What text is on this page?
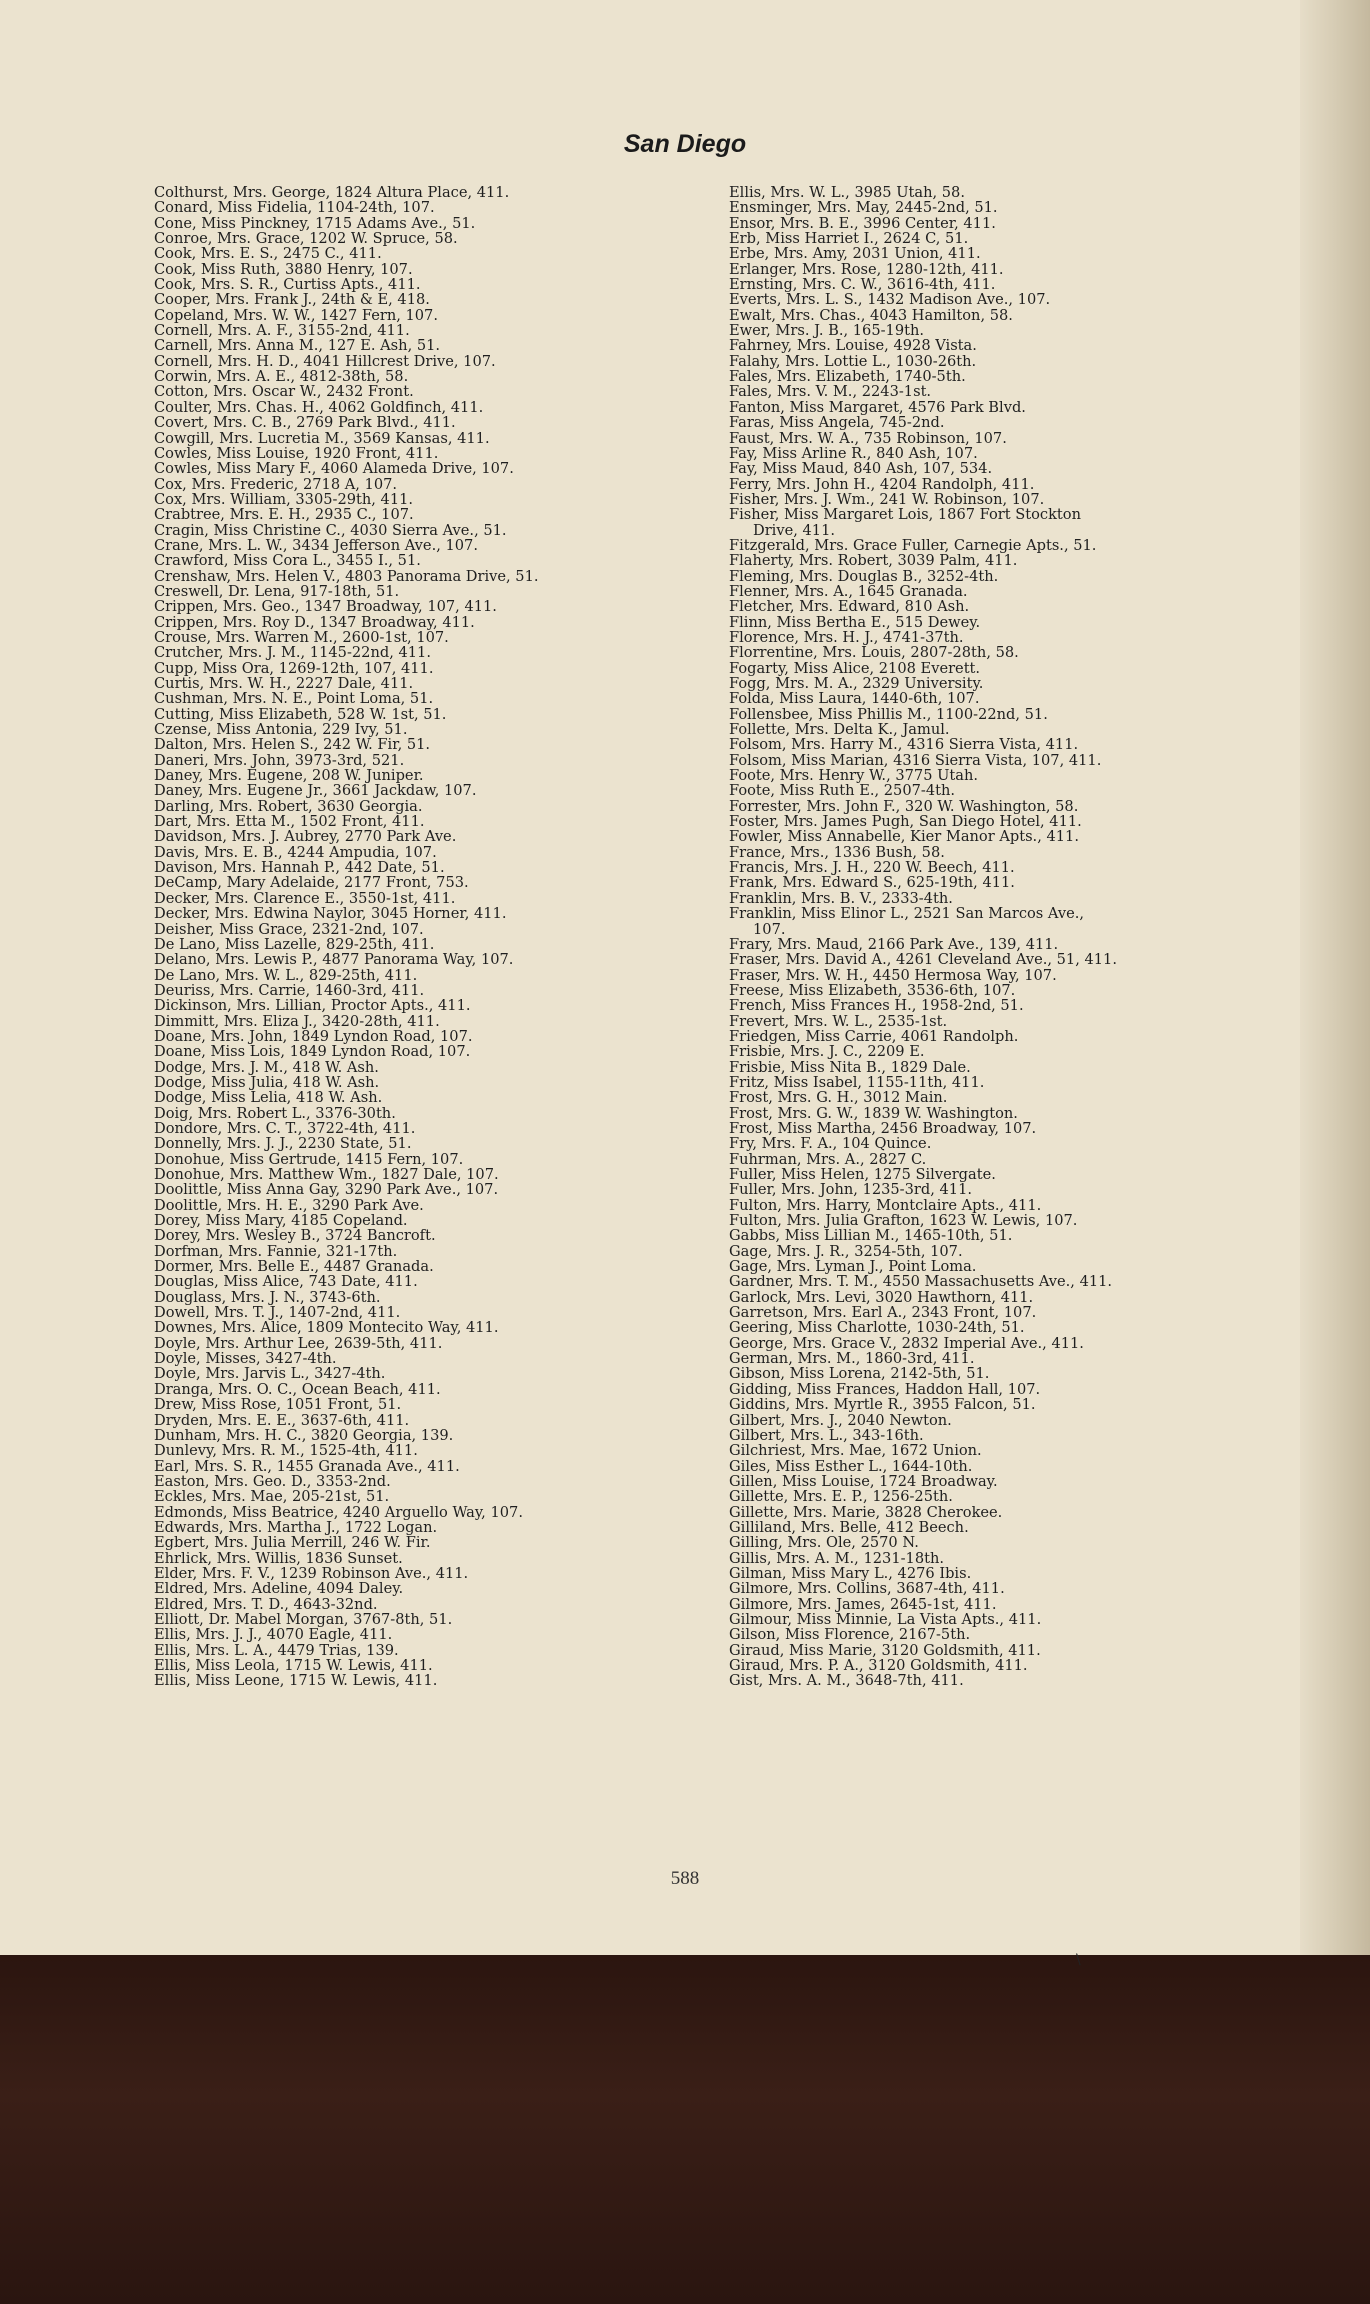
San Diego
Colthurst, Mrs. George, 1824 Altura Place, 411.
Conard, Miss Fidelia, 1104-24th, 107.
Cone, Miss Pinckney, 1715 Adams Ave., 51.
Conroe, Mrs. Grace, 1202 W. Spruce, 58.
Cook, Mrs. E. S., 2475 C., 411.
Cook, Miss Ruth, 3880 Henry, 107.
Cook, Mrs. S. R., Curtiss Apts., 411.
Cooper, Mrs. Frank J., 24th & E, 418.
Copeland, Mrs. W. W., 1427 Fern, 107.
Cornell, Mrs. A. F., 3155-2nd, 411.
Carnell, Mrs. Anna M., 127 E. Ash, 51.
Cornell, Mrs. H. D., 4041 Hillcrest Drive, 107.
Corwin, Mrs. A. E., 4812-38th, 58.
Cotton, Mrs. Oscar W., 2432 Front.
Coulter, Mrs. Chas. H., 4062 Goldfinch, 411.
Covert, Mrs. C. B., 2769 Park Blvd., 411.
Cowgill, Mrs. Lucretia M., 3569 Kansas, 411.
Cowles, Miss Louise, 1920 Front, 411.
Cowles, Miss Mary F., 4060 Alameda Drive, 107.
Cox, Mrs. Frederic, 2718 A, 107.
Cox, Mrs. William, 3305-29th, 411.
Crabtree, Mrs. E. H., 2935 C., 107.
Cragin, Miss Christine C., 4030 Sierra Ave., 51.
Crane, Mrs. L. W., 3434 Jefferson Ave., 107.
Crawford, Miss Cora L., 3455 I., 51.
Crenshaw, Mrs. Helen V., 4803 Panorama Drive, 51.
Creswell, Dr. Lena, 917-18th, 51.
Crippen, Mrs. Geo., 1347 Broadway, 107, 411.
Crippen, Mrs. Roy D., 1347 Broadway, 411.
Crouse, Mrs. Warren M., 2600-1st, 107.
Crutcher, Mrs. J. M., 1145-22nd, 411.
Cupp, Miss Ora, 1269-12th, 107, 411.
Curtis, Mrs. W. H., 2227 Dale, 411.
Cushman, Mrs. N. E., Point Loma, 51.
Cutting, Miss Elizabeth, 528 W. 1st, 51.
Czense, Miss Antonia, 229 Ivy, 51.
Dalton, Mrs. Helen S., 242 W. Fir, 51.
Daneri, Mrs. John, 3973-3rd, 521.
Daney, Mrs. Eugene, 208 W. Juniper.
Daney, Mrs. Eugene Jr., 3661 Jackdaw, 107.
Darling, Mrs. Robert, 3630 Georgia.
Dart, Mrs. Etta M., 1502 Front, 411.
Davidson, Mrs. J. Aubrey, 2770 Park Ave.
Davis, Mrs. E. B., 4244 Ampudia, 107.
Davison, Mrs. Hannah P., 442 Date, 51.
DeCamp, Mary Adelaide, 2177 Front, 753.
Decker, Mrs. Clarence E., 3550-1st, 411.
Decker, Mrs. Edwina Naylor, 3045 Horner, 411.
Deisher, Miss Grace, 2321-2nd, 107.
De Lano, Miss Lazelle, 829-25th, 411.
Delano, Mrs. Lewis P., 4877 Panorama Way, 107.
De Lano, Mrs. W. L., 829-25th, 411.
Deuriss, Mrs. Carrie, 1460-3rd, 411.
Dickinson, Mrs. Lillian, Proctor Apts., 411.
Dimmitt, Mrs. Eliza J., 3420-28th, 411.
Doane, Mrs. John, 1849 Lyndon Road, 107.
Doane, Miss Lois, 1849 Lyndon Road, 107.
Dodge, Mrs. J. M., 418 W. Ash.
Dodge, Miss Julia, 418 W. Ash.
Dodge, Miss Lelia, 418 W. Ash.
Doig, Mrs. Robert L., 3376-30th.
Dondore, Mrs. C. T., 3722-4th, 411.
Donnelly, Mrs. J. J., 2230 State, 51.
Donohue, Miss Gertrude, 1415 Fern, 107.
Donohue, Mrs. Matthew Wm., 1827 Dale, 107.
Doolittle, Miss Anna Gay, 3290 Park Ave., 107.
Doolittle, Mrs. H. E., 3290 Park Ave.
Dorey, Miss Mary, 4185 Copeland.
Dorey, Mrs. Wesley B., 3724 Bancroft.
Dorfman, Mrs. Fannie, 321-17th.
Dormer, Mrs. Belle E., 4487 Granada.
Douglas, Miss Alice, 743 Date, 411.
Douglass, Mrs. J. N., 3743-6th.
Dowell, Mrs. T. J., 1407-2nd, 411.
Downes, Mrs. Alice, 1809 Montecito Way, 411.
Doyle, Mrs. Arthur Lee, 2639-5th, 411.
Doyle, Misses, 3427-4th.
Doyle, Mrs. Jarvis L., 3427-4th.
Dranga, Mrs. O. C., Ocean Beach, 411.
Drew, Miss Rose, 1051 Front, 51.
Dryden, Mrs. E. E., 3637-6th, 411.
Dunham, Mrs. H. C., 3820 Georgia, 139.
Dunlevy, Mrs. R. M., 1525-4th, 411.
Earl, Mrs. S. R., 1455 Granada Ave., 411.
Easton, Mrs. Geo. D., 3353-2nd.
Eckles, Mrs. Mae, 205-21st, 51.
Edmonds, Miss Beatrice, 4240 Arguello Way, 107.
Edwards, Mrs. Martha J., 1722 Logan.
Egbert, Mrs. Julia Merrill, 246 W. Fir.
Ehrlick, Mrs. Willis, 1836 Sunset.
Elder, Mrs. F. V., 1239 Robinson Ave., 411.
Eldred, Mrs. Adeline, 4094 Daley.
Eldred, Mrs. T. D., 4643-32nd.
Elliott, Dr. Mabel Morgan, 3767-8th, 51.
Ellis, Mrs. J. J., 4070 Eagle, 411.
Ellis, Mrs. L. A., 4479 Trias, 139.
Ellis, Miss Leola, 1715 W. Lewis, 411.
Ellis, Miss Leone, 1715 W. Lewis, 411.
Ellis, Mrs. W. L., 3985 Utah, 58.
Ensminger, Mrs. May, 2445-2nd, 51.
Ensor, Mrs. B. E., 3996 Center, 411.
Erb, Miss Harriet I., 2624 C, 51.
Erbe, Mrs. Amy, 2031 Union, 411.
Erlanger, Mrs. Rose, 1280-12th, 411.
Ernsting, Mrs. C. W., 3616-4th, 411.
Everts, Mrs. L. S., 1432 Madison Ave., 107.
Ewalt, Mrs. Chas., 4043 Hamilton, 58.
Ewer, Mrs. J. B., 165-19th.
Fahrney, Mrs. Louise, 4928 Vista.
Falahy, Mrs. Lottie L., 1030-26th.
Fales, Mrs. Elizabeth, 1740-5th.
Fales, Mrs. V. M., 2243-1st.
Fanton, Miss Margaret, 4576 Park Blvd.
Faras, Miss Angela, 745-2nd.
Faust, Mrs. W. A., 735 Robinson, 107.
Fay, Miss Arline R., 840 Ash, 107.
Fay, Miss Maud, 840 Ash, 107, 534.
Ferry, Mrs. John H., 4204 Randolph, 411.
Fisher, Mrs. J. Wm., 241 W. Robinson, 107.
Fisher, Miss Margaret Lois, 1867 Fort Stockton
Drive, 411.
Fitzgerald, Mrs. Grace Fuller, Carnegie Apts., 51.
Flaherty, Mrs. Robert, 3039 Palm, 411.
Fleming, Mrs. Douglas B., 3252-4th.
Flenner, Mrs. A., 1645 Granada.
Fletcher, Mrs. Edward, 810 Ash.
Flinn, Miss Bertha E., 515 Dewey.
Florence, Mrs. H. J., 4741-37th.
Florrentine, Mrs. Louis, 2807-28th, 58.
Fogarty, Miss Alice, 2108 Everett.
Fogg, Mrs. M. A., 2329 University.
Folda, Miss Laura, 1440-6th, 107.
Follensbee, Miss Phillis M., 1100-22nd, 51.
Follette, Mrs. Delta K., Jamul.
Folsom, Mrs. Harry M., 4316 Sierra Vista, 411.
Folsom, Miss Marian, 4316 Sierra Vista, 107, 411.
Foote, Mrs. Henry W., 3775 Utah.
Foote, Miss Ruth E., 2507-4th.
Forrester, Mrs. John F., 320 W. Washington, 58.
Foster, Mrs. James Pugh, San Diego Hotel, 411.
Fowler, Miss Annabelle, Kier Manor Apts., 411.
France, Mrs., 1336 Bush, 58.
Francis, Mrs. J. H., 220 W. Beech, 411.
Frank, Mrs. Edward S., 625-19th, 411.
Franklin, Mrs. B. V., 2333-4th.
Franklin, Miss Elinor L., 2521 San Marcos Ave.,
107.
Frary, Mrs. Maud, 2166 Park Ave., 139, 411.
Fraser, Mrs. David A., 4261 Cleveland Ave., 51, 411.
Fraser, Mrs. W. H., 4450 Hermosa Way, 107.
Freese, Miss Elizabeth, 3536-6th, 107.
French, Miss Frances H., 1958-2nd, 51.
Frevert, Mrs. W. L., 2535-1st.
Friedgen, Miss Carrie, 4061 Randolph.
Frisbie, Mrs. J. C., 2209 E.
Frisbie, Miss Nita B., 1829 Dale.
Fritz, Miss Isabel, 1155-11th, 411.
Frost, Mrs. G. H., 3012 Main.
Frost, Mrs. G. W., 1839 W. Washington.
Frost, Miss Martha, 2456 Broadway, 107.
Fry, Mrs. F. A., 104 Quince.
Fuhrman, Mrs. A., 2827 C.
Fuller, Miss Helen, 1275 Silvergate.
Fuller, Mrs. John, 1235-3rd, 411.
Fulton, Mrs. Harry, Montclaire Apts., 411.
Fulton, Mrs. Julia Grafton, 1623 W. Lewis, 107.
Gabbs, Miss Lillian M., 1465-10th, 51.
Gage, Mrs. J. R., 3254-5th, 107.
Gage, Mrs. Lyman J., Point Loma.
Gardner, Mrs. T. M., 4550 Massachusetts Ave., 411.
Garlock, Mrs. Levi, 3020 Hawthorn, 411.
Garretson, Mrs. Earl A., 2343 Front, 107.
Geering, Miss Charlotte, 1030-24th, 51.
George, Mrs. Grace V., 2832 Imperial Ave., 411.
German, Mrs. M., 1860-3rd, 411.
Gibson, Miss Lorena, 2142-5th, 51.
Gidding, Miss Frances, Haddon Hall, 107.
Giddins, Mrs. Myrtle R., 3955 Falcon, 51.
Gilbert, Mrs. J., 2040 Newton.
Gilbert, Mrs. L., 343-16th.
Gilchriest, Mrs. Mae, 1672 Union.
Giles, Miss Esther L., 1644-10th.
Gillen, Miss Louise, 1724 Broadway.
Gillette, Mrs. E. P., 1256-25th.
Gillette, Mrs. Marie, 3828 Cherokee.
Gilliland, Mrs. Belle, 412 Beech.
Gilling, Mrs. Ole, 2570 N.
Gillis, Mrs. A. M., 1231-18th.
Gilman, Miss Mary L., 4276 Ibis.
Gilmore, Mrs. Collins, 3687-4th, 411.
Gilmore, Mrs. James, 2645-1st, 411.
Gilmour, Miss Minnie, La Vista Apts., 411.
Gilson, Miss Florence, 2167-5th.
Giraud, Miss Marie, 3120 Goldsmith, 411.
Giraud, Mrs. P. A., 3120 Goldsmith, 411.
Gist, Mrs. A. M., 3648-7th, 411.
588
\
